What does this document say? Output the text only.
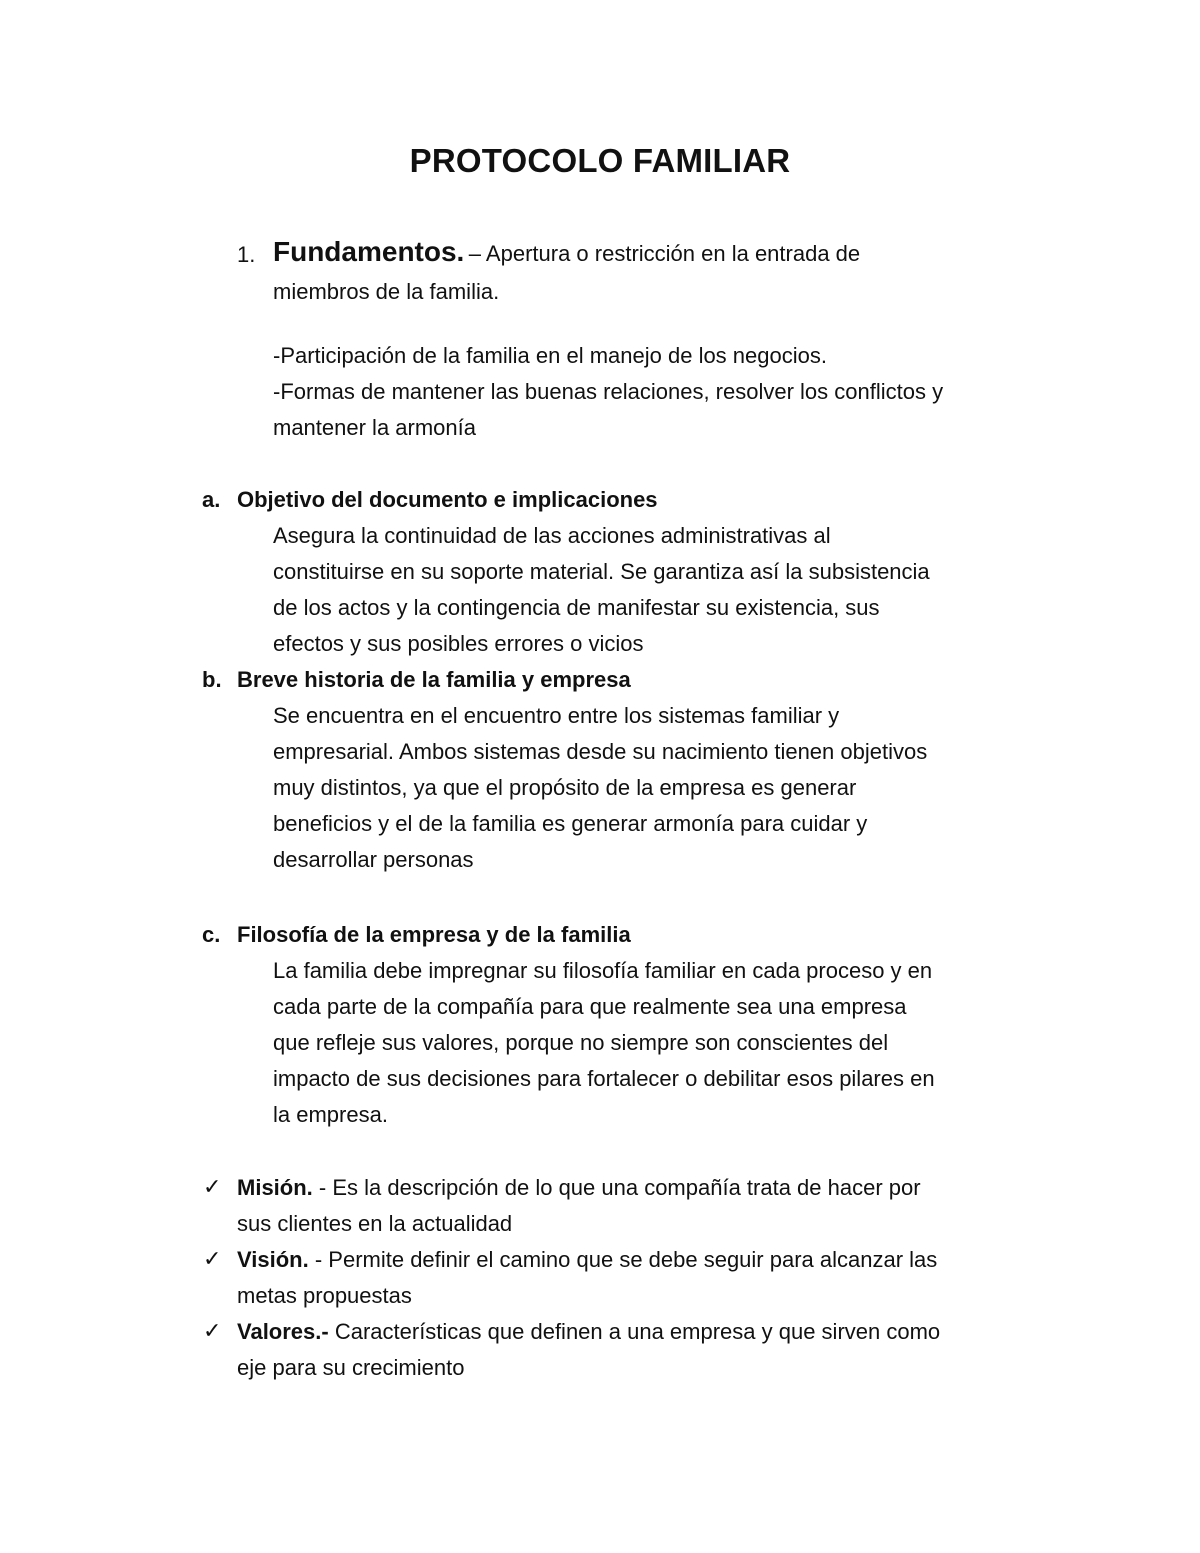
PROTOCOLO FAMILIAR
1. Fundamentos. – Apertura o restricción en la entrada de
miembros de la familia.
-Participación de la familia en el manejo de los negocios.
-Formas de mantener las buenas relaciones, resolver los conflictos y
mantener la armonía
a. Objetivo del documento e implicaciones
Asegura la continuidad de las acciones administrativas al
constituirse en su soporte material. Se garantiza así la subsistencia
de los actos y la contingencia de manifestar su existencia, sus
efectos y sus posibles errores o vicios
b. Breve historia de la familia y empresa
Se encuentra en el encuentro entre los sistemas familiar y
empresarial. Ambos sistemas desde su nacimiento tienen objetivos
muy distintos, ya que el propósito de la empresa es generar
beneficios y el de la familia es generar armonía para cuidar y
desarrollar personas
c. Filosofía de la empresa y de la familia
La familia debe impregnar su filosofía familiar en cada proceso y en
cada parte de la compañía para que realmente sea una empresa
que refleje sus valores, porque no siempre son conscientes del
impacto de sus decisiones para fortalecer o debilitar esos pilares en
la empresa.
✓ Misión. - Es la descripción de lo que una compañía trata de hacer por
sus clientes en la actualidad
✓ Visión. - Permite definir el camino que se debe seguir para alcanzar las
metas propuestas
✓ Valores.- Características que definen a una empresa y que sirven como
eje para su crecimiento
